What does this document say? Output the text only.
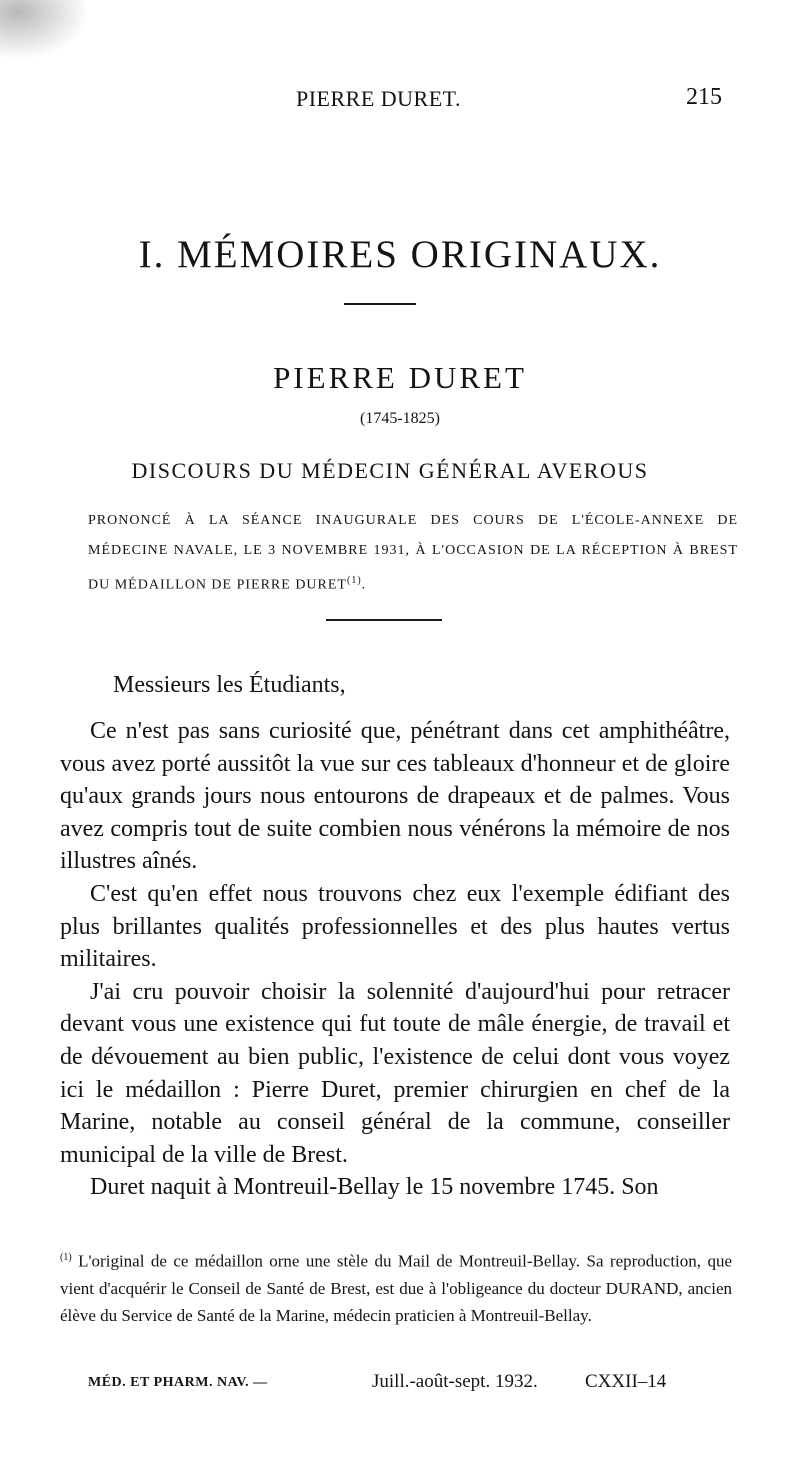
PIERRE DURET.	215
I. MÉMOIRES ORIGINAUX.
PIERRE DURET
(1745-1825)
DISCOURS DU MÉDECIN GÉNÉRAL AVEROUS
PRONONCÉ À LA SÉANCE INAUGURALE DES COURS DE L'ÉCOLE-ANNEXE DE MÉDECINE NAVALE, LE 3 NOVEMBRE 1931, À L'OCCASION DE LA RÉCEPTION À BREST DU MÉDAILLON DE PIERRE DURET$^{(1)}$.
Messieurs les Étudiants,

Ce n'est pas sans curiosité que, pénétrant dans cet amphithéâtre, vous avez porté aussitôt la vue sur ces tableaux d'honneur et de gloire qu'aux grands jours nous entourons de drapeaux et de palmes. Vous avez compris tout de suite combien nous vénérons la mémoire de nos illustres aînés.

C'est qu'en effet nous trouvons chez eux l'exemple édifiant des plus brillantes qualités professionnelles et des plus hautes vertus militaires.

J'ai cru pouvoir choisir la solennité d'aujourd'hui pour retracer devant vous une existence qui fut toute de mâle énergie, de travail et de dévouement au bien public, l'existence de celui dont vous voyez ici le médaillon : Pierre Duret, premier chirurgien en chef de la Marine, notable au conseil général de la commune, conseiller municipal de la ville de Brest.

Duret naquit à Montreuil-Bellay le 15 novembre 1745. Son

$^{(1)}$ L'original de ce médaillon orne une stèle du Mail de Montreuil-Bellay. Sa reproduction, que vient d'acquérir le Conseil de Santé de Brest, est due à l'obligeance du docteur DURAND, ancien élève du Service de Santé de la Marine, médecin praticien à Montreuil-Bellay.
MÉD. ET PHARM. NAV. —	Juill.-août-sept. 1932. CXXII–14
